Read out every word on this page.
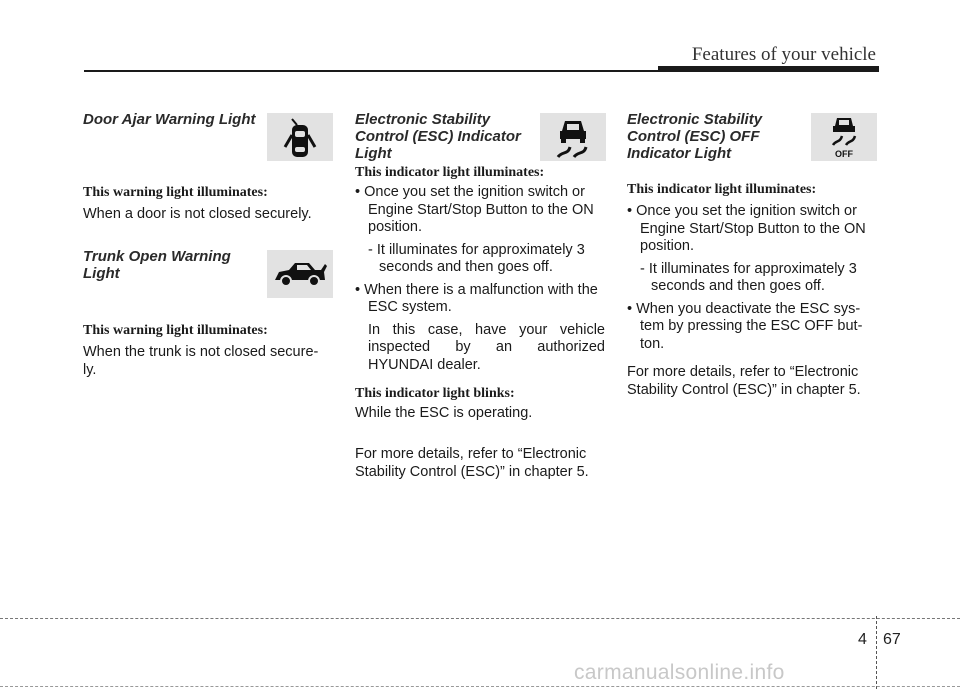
Features of your vehicle

Door Ajar Warning Light

This warning light illuminates:

When a door is not closed securely.

Trunk Open Warning

Light

This warning light illuminates:

When the trunk is not closed secure-ly.

Electronic Stability

Control (ESC) Indicator

Light

This indicator light illuminates:

• Once you set the ignition switch or Engine Start/Stop Button to the ON position.

- It illuminates for approximately 3 seconds and then goes off.

• When there is a malfunction with the ESC system.

In this case, have your vehicle inspected by an authorized HYUNDAI dealer.

This indicator light blinks:

While the ESC is operating.

For more details, refer to “Electronic Stability Control (ESC)” in chapter 5.

Electronic Stability

Control (ESC) OFF

Indicator Light	OFF

This indicator light illuminates:

• Once you set the ignition switch or Engine Start/Stop Button to the ON position.

- It illuminates for approximately 3 seconds and then goes off.

• When you deactivate the ESC sys-tem by pressing the ESC OFF but-ton.

For more details, refer to “Electronic Stability Control (ESC)” in chapter 5.

4 67
carmanualsonline.info
